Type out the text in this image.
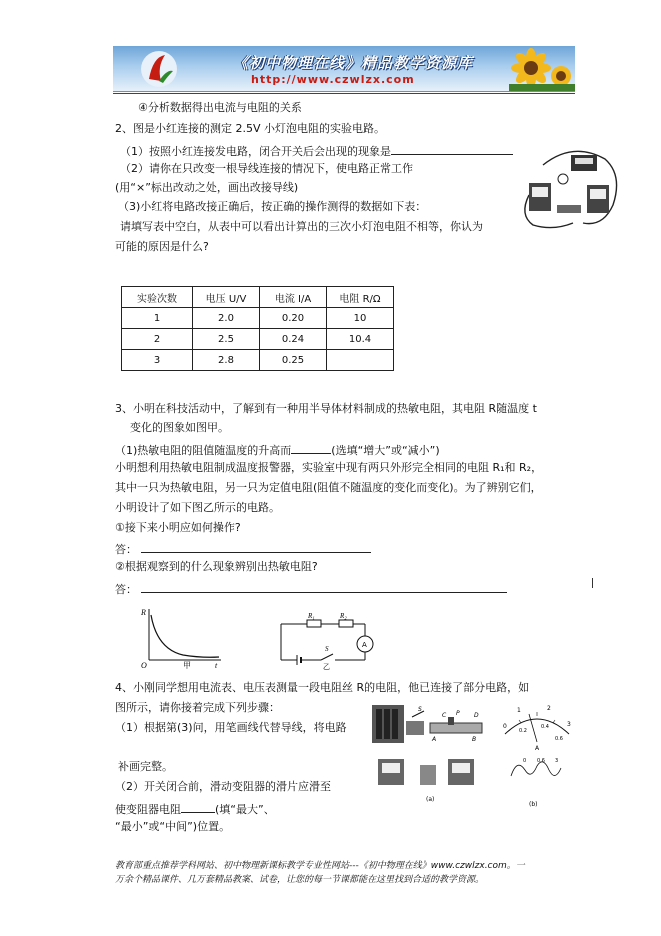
《初中物理在线》精品教学资源库
http://www.czwlzx.com
④分析数据得出电流与电阻的关系
2、图是小红连接的测定 2.5V 小灯泡电阻的实验电路。
（1）按照小红连接发电路，闭合开关后会出现的现象是
（2）请你在只改变一根导线连接的情况下，使电路正常工作
(用“×”标出改动之处，画出改接导线)
（3)小红将电路改接正确后，按正确的操作测得的数据如下表：
请填写表中空白，从表中可以看出计算出的三次小灯泡电阻不相等，你认为
可能的原因是什么?
实验次数	电压 U/V	电流 I/A	电阻 R/Ω
1	2.0	0.20	10
2	2.5	0.24	10.4
3	2.8	0.25	
3、小明在科技活动中，了解到有一种用半导体材料制成的热敏电阻，其电阻 R随温度 t
变化的图象如图甲。
（1)热敏电阻的阻值随温度的升高而	(选填“增大”或“减小”)
小明想利用热敏电阻制成温度报警器，实验室中现有两只外形完全相同的电阻 R₁和 R₂，
其中一只为热敏电阻，另一只为定值电阻(阻值不随温度的变化而变化)。为了辨别它们，
小明设计了如下图乙所示的电路。
①接下来小明应如何操作?
答：
②根据观察到的什么现象辨别出热敏电阻?
答：
R
t
O	甲
R₁	R₂
A
S
乙
4、小刚同学想用电流表、电压表测量一段电阻丝 R的电阻，他已连接了部分电路，如
图所示，请你接着完成下列步骤：
（1）根据第(3)问，用笔画线代替导线，将电路
补画完整。
（2）开关闭合前，滑动变阻器的滑片应滑至
使变阻器电阻	(填“最大”、
“最小”或“中间”)位置。
S
C P D
A	B
(a)
0
1	2
3
0.2
0.4
0.6
A
0 0.6 3
(b)
教育部重点推荐学科网站、初中物理新课标教学专业性网站---《初中物理在线》www.czwlzx.com。一
万余个精品课件、几万套精品教案、试卷，让您的每一节课都能在这里找到合适的教学资源。
